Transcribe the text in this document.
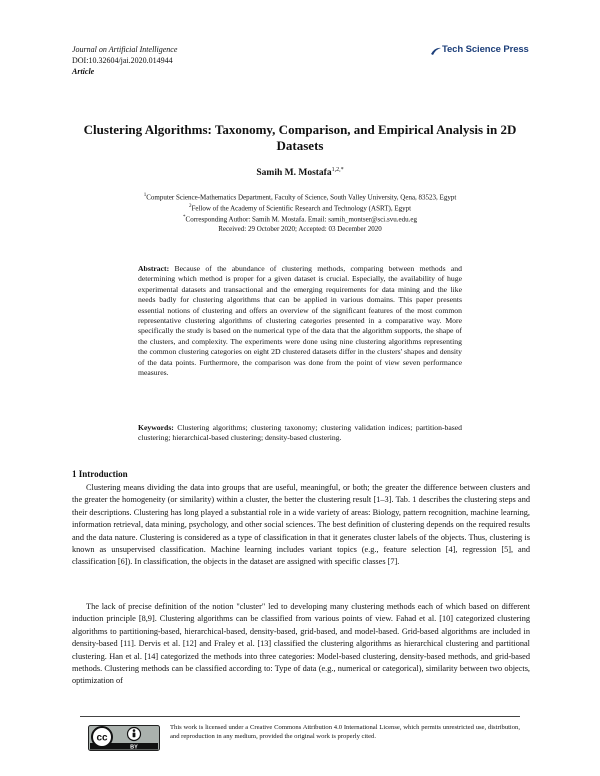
Journal on Artificial Intelligence
DOI:10.32604/jai.2020.014944
Article
Tech Science Press
Clustering Algorithms: Taxonomy, Comparison, and Empirical Analysis in 2D Datasets
Samih M. Mostafa$^{1,2,*}$
$^1$Computer Science-Mathematics Department, Faculty of Science, South Valley University, Qena, 83523, Egypt
$^2$Fellow of the Academy of Scientific Research and Technology (ASRT), Egypt
*Corresponding Author: Samih M. Mostafa. Email: samih_montser@sci.svu.edu.eg
Received: 29 October 2020; Accepted: 03 December 2020
Abstract: Because of the abundance of clustering methods, comparing between methods and determining which method is proper for a given dataset is crucial. Especially, the availability of huge experimental datasets and transactional and the emerging requirements for data mining and the like needs badly for clustering algorithms that can be applied in various domains. This paper presents essential notions of clustering and offers an overview of the significant features of the most common representative clustering algorithms of clustering categories presented in a comparative way. More specifically the study is based on the numerical type of the data that the algorithm supports, the shape of the clusters, and complexity. The experiments were done using nine clustering algorithms representing the common clustering categories on eight 2D clustered datasets differ in the clusters' shapes and density of the data points. Furthermore, the comparison was done from the point of view seven performance measures.
Keywords: Clustering algorithms; clustering taxonomy; clustering validation indices; partition-based clustering; hierarchical-based clustering; density-based clustering.
1 Introduction
Clustering means dividing the data into groups that are useful, meaningful, or both; the greater the difference between clusters and the greater the homogeneity (or similarity) within a cluster, the better the clustering result [1–3]. Tab. 1 describes the clustering steps and their descriptions. Clustering has long played a substantial role in a wide variety of areas: Biology, pattern recognition, machine learning, information retrieval, data mining, psychology, and other social sciences. The best definition of clustering depends on the required results and the data nature. Clustering is considered as a type of classification in that it generates cluster labels of the objects. Thus, clustering is known as unsupervised classification. Machine learning includes variant topics (e.g., feature selection [4], regression [5], and classification [6]). In classification, the objects in the dataset are assigned with specific classes [7].
The lack of precise definition of the notion "cluster" led to developing many clustering methods each of which based on different induction principle [8,9]. Clustering algorithms can be classified from various points of view. Fahad et al. [10] categorized clustering algorithms to partitioning-based, hierarchical-based, density-based, grid-based, and model-based. Grid-based algorithms are included in density-based [11]. Dervis et al. [12] and Fraley et al. [13] classified the clustering algorithms as hierarchical clustering and partitional clustering. Han et al. [14] categorized the methods into three categories: Model-based clustering, density-based methods, and grid-based methods. Clustering methods can be classified according to: Type of data (e.g., numerical or categorical), similarity between two objects, optimization of
cc
BY
This work is licensed under a Creative Commons Attribution 4.0 International License, which permits unrestricted use, distribution, and reproduction in any medium, provided the original work is properly cited.
